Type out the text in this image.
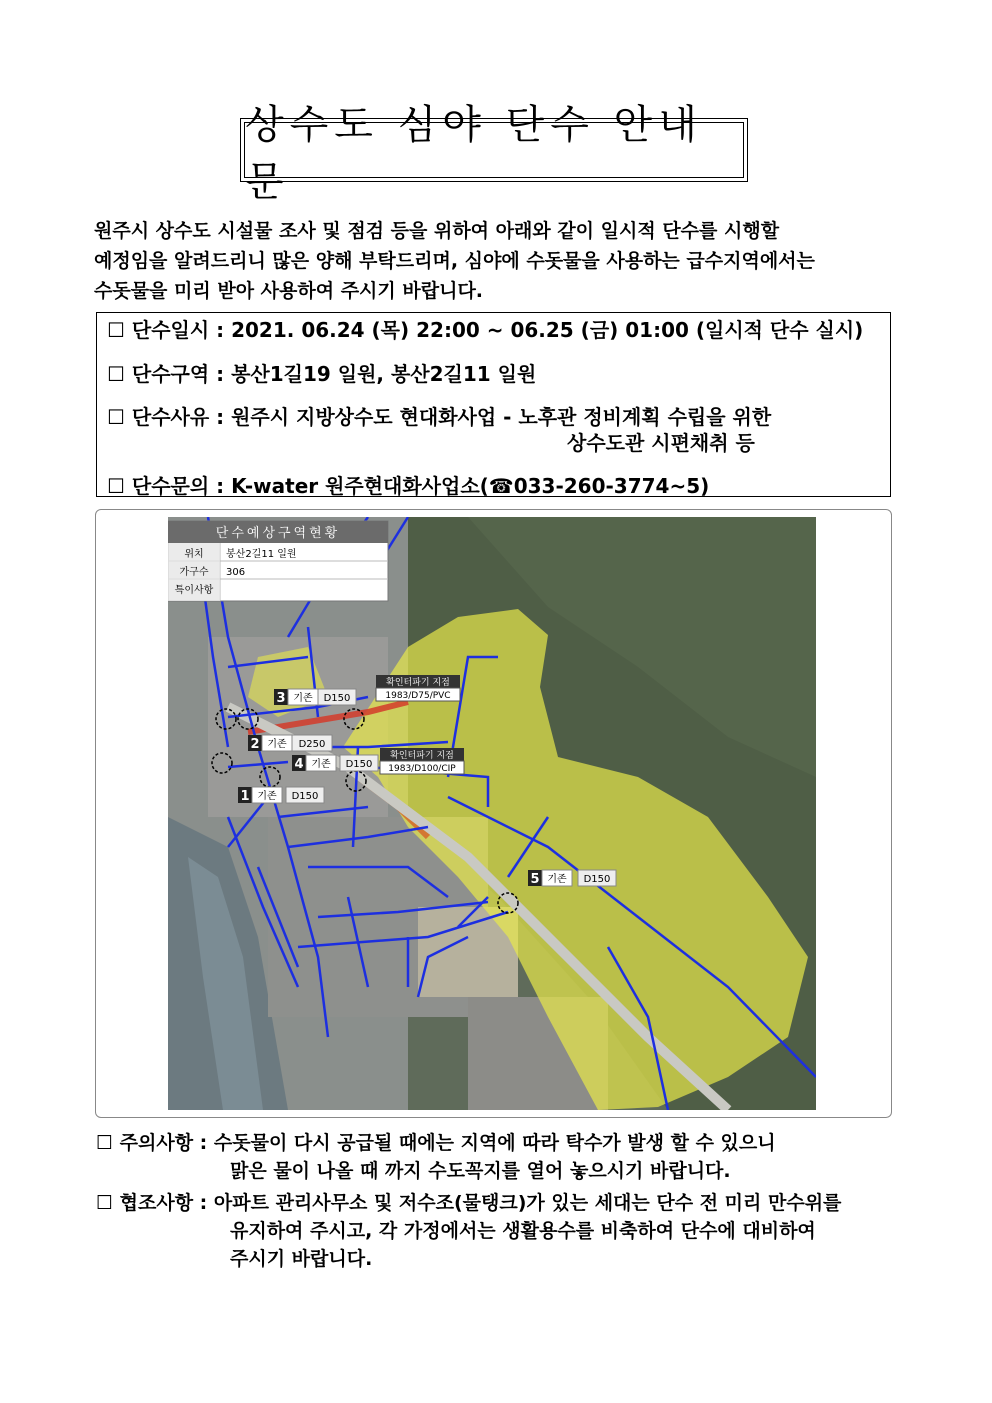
상수도 심야 단수 안내문

원주시 상수도 시설물 조사 및 점검 등을 위하여 아래와 같이 일시적 단수를 시행할

예정임을 알려드리니 많은 양해 부탁드리며, 심야에 수돗물을 사용하는 급수지역에서는

수돗물을 미리 받아 사용하여 주시기 바랍니다.

☐ 단수일시 : 2021. 06.24 (목) 22:00 ~ 06.25 (금) 01:00 (일시적 단수 실시)
☐ 단수구역 : 봉산1길19 일원, 봉산2길11 일원
☐ 단수사유 : 원주시 지방상수도 현대화사업 - 노후관 정비계획 수립을 위한
상수도관 시편채취 등
☐ 단수문의 : K-water 원주현대화사업소(☎033-260-3774~5)
단수예상구역현황
위치 봉산2길11 일원
가구수 306
특이사항
3 기존 D150
2 기존 D250
4 기존 D150
1 기존 D150
5 기존 D150
확인터파기 지점
1983/D75/PVC
확인터파기 지점
1983/D100/CIP
☐ 주의사항 : 수돗물이 다시 공급될 때에는 지역에 따라 탁수가 발생 할 수 있으니
맑은 물이 나올 때 까지 수도꼭지를 열어 놓으시기 바랍니다.
☐ 협조사항 : 아파트 관리사무소 및 저수조(물탱크)가 있는 세대는 단수 전 미리 만수위를
유지하여 주시고, 각 가정에서는 생활용수를 비축하여 단수에 대비하여
주시기 바랍니다.
